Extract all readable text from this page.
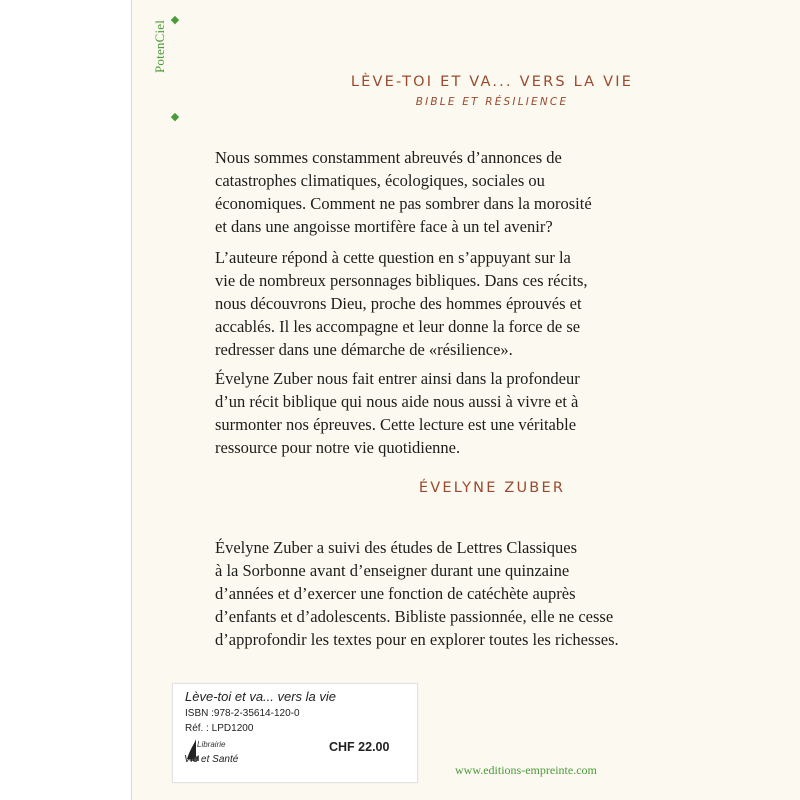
◆
PotenCiel
◆
LÈVE-TOI ET VA... VERS LA VIE
BIBLE ET RÉSILIENCE
Nous sommes constamment abreuvés d’annonces de
catastrophes climatiques, écologiques, sociales ou
économiques. Comment ne pas sombrer dans la morosité
et dans une angoisse mortifère face à un tel avenir?
L’auteure répond à cette question en s’appuyant sur la
vie de nombreux personnages bibliques. Dans ces récits,
nous découvrons Dieu, proche des hommes éprouvés et
accablés. Il les accompagne et leur donne la force de se
redresser dans une démarche de «résilience».
Évelyne Zuber nous fait entrer ainsi dans la profondeur
d’un récit biblique qui nous aide nous aussi à vivre et à
surmonter nos épreuves. Cette lecture est une véritable
ressource pour notre vie quotidienne.
ÉVELYNE ZUBER
Évelyne Zuber a suivi des études de Lettres Classiques
à la Sorbonne avant d’enseigner durant une quinzaine
d’années et d’exercer une fonction de catéchète auprès
d’enfants et d’adolescents. Bibliste passionnée, elle ne cesse
d’approfondir les textes pour en explorer toutes les richesses.
www.editions-empreinte.com
Lève-toi et va... vers la vie
ISBN :978-2-35614-120-0
Réf. : LPD1200
Librairie
Vie et Santé
CHF 22.00
